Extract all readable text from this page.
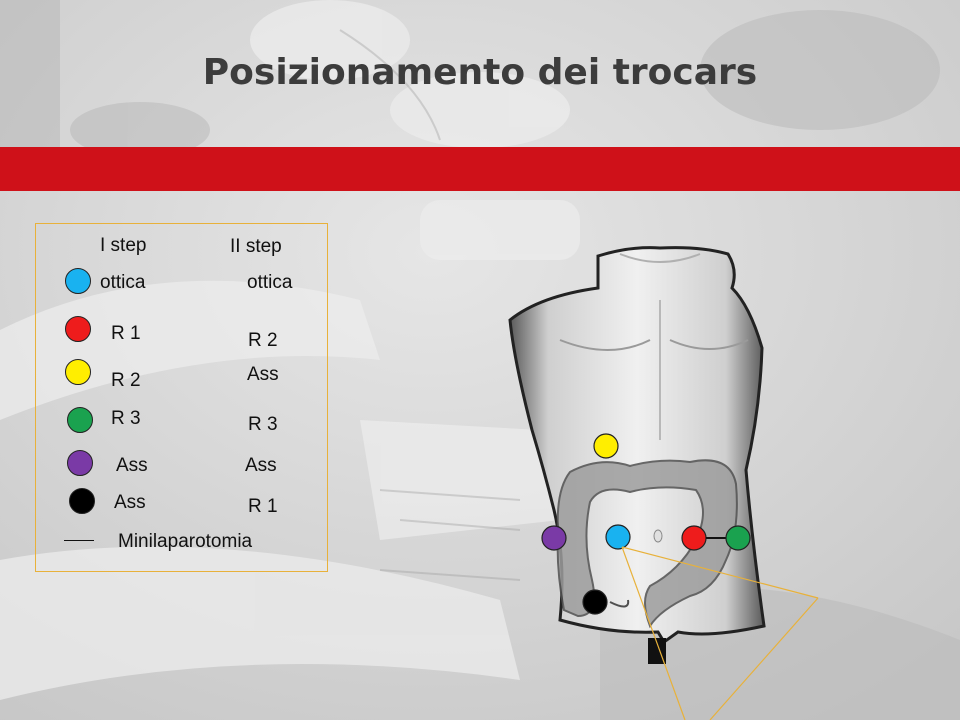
Posizionamento dei trocars
I step	II step
ottica	ottica
R 1	R 2
R 2	Ass
R 3	R 3
Ass	Ass
Ass	R 1
Minilaparotomia
